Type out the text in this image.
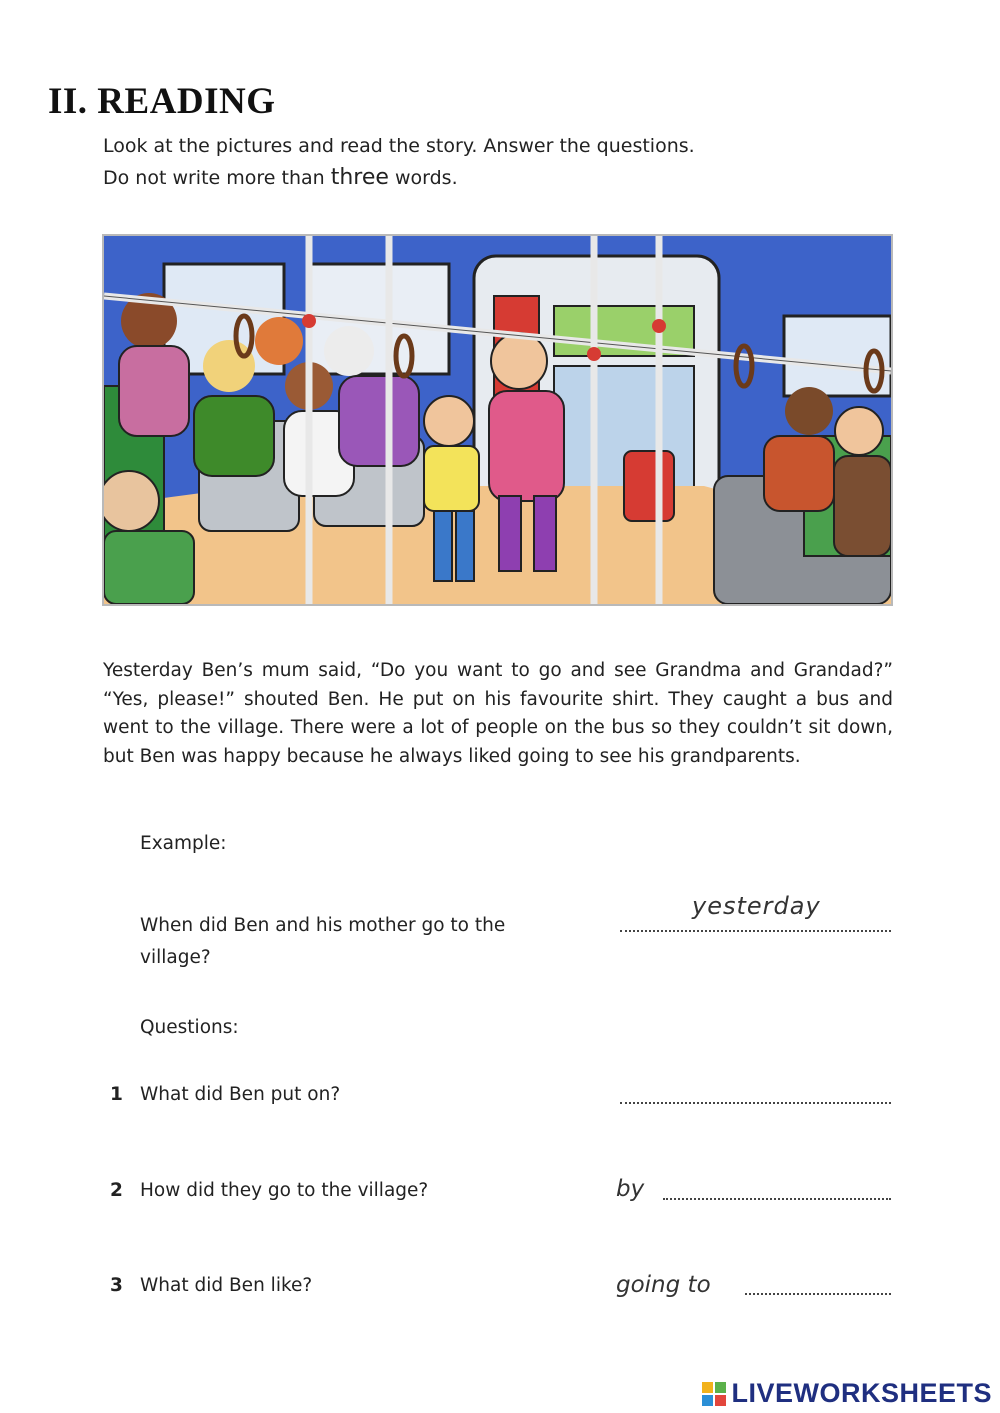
II. READING
Look at the pictures and read the story. Answer the questions.
Do not write more than three words.

Yesterday Ben’s mum said, “Do you want to go and see Grandma and Grandad?” “Yes, please!” shouted Ben. He put on his favourite shirt. They caught a bus and went to the village. There were a lot of people on the bus so they couldn’t sit down, but Ben was happy because he always liked going to see his grandparents.

Example:
When did Ben and his mother go to the village?
yesterday
Questions:
1 What did Ben put on?
2 How did they go to the village?	by
3 What did Ben like?	going to
LIVEWORKSHEETS
